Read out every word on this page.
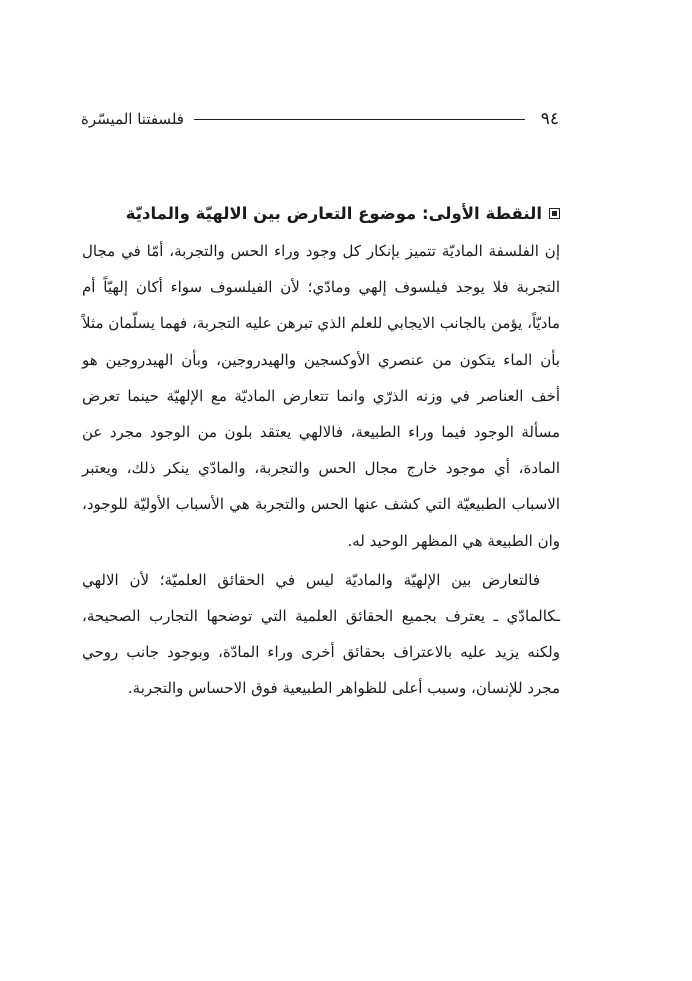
٩٤
فلسفتنا الميسّرة
النقطة الأولى: موضوع التعارض بين الالهيّة والماديّة

إن الفلسفة الماديّة تتميز بإنكار كل وجود وراء الحس والتجربة، أمّا في مجال التجربة فلا يوجد فيلسوف إلهي ومادّي؛ لأن الفيلسوف سواء أكان إلهيّاً أم ماديّاً، يؤمن بالجانب الايجابي للعلم الذي تبرهن عليه التجربة، فهما يسلّمان مثلاً بأن الماء يتكون من عنصري الأوكسجين والهيدروجين، وبأن الهيدروجين هو أخف العناصر في وزنه الذرّي وانما تتعارض الماديّة مع الإلهيّة حينما تعرض مسألة الوجود فيما وراء الطبيعة، فالالهي يعتقد بلون من الوجود مجرد عن المادة، أي موجود خارج مجال الحس والتجربة، والمادّي ينكر ذلك، ويعتبر الاسباب الطبيعيّة التي كشف عنها الحس والتجربة هي الأسباب الأوليّة للوجود، وان الطبيعة هي المظهر الوحيد له.

فالتعارض بين الإلهيّة والماديّة ليس في الحقائق العلميّة؛ لأن الالهي ـكالمادّي ـ يعترف بجميع الحقائق العلمية التي توضحها التجارب الصحيحة، ولكنه يزيد عليه بالاعتراف بحقائق أخرى وراء المادّة، وبوجود جانب روحي مجرد للإنسان، وسبب أعلى للظواهر الطبيعية فوق الاحساس والتجربة.
